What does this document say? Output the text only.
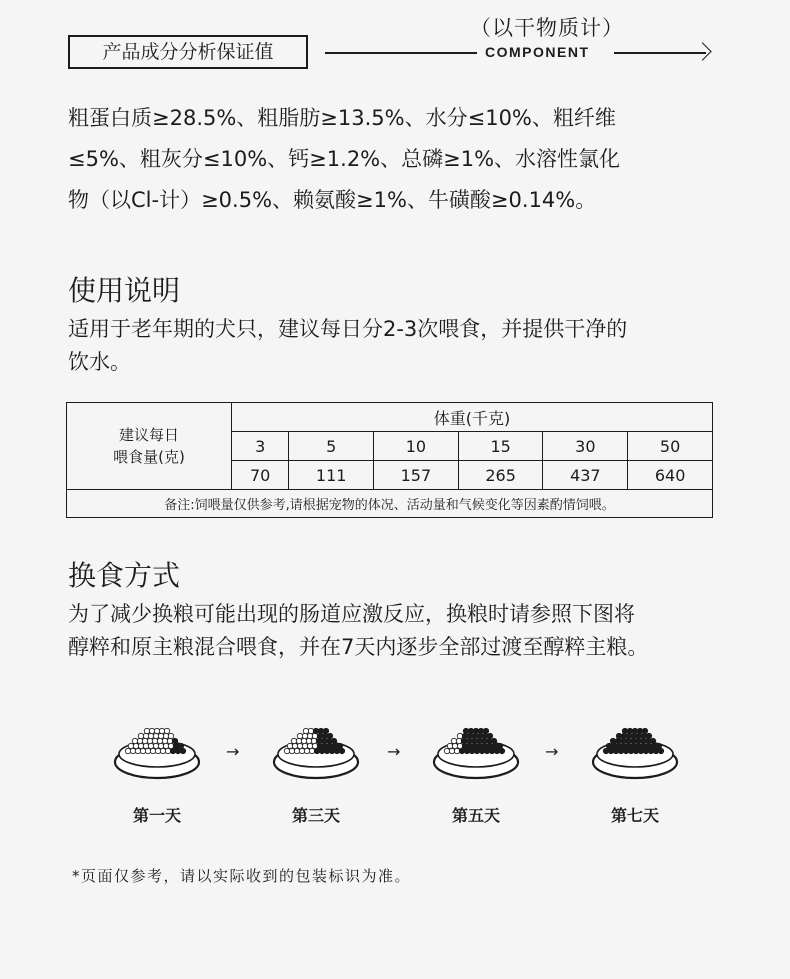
产品成分分析保证值
（以干物质计）
COMPONENT
粗蛋白质≥28.5%、粗脂肪≥13.5%、水分≤10%、粗纤维
≤5%、粗灰分≤10%、钙≥1.2%、总磷≥1%、水溶性氯化
物（以Cl-计）≥0.5%、赖氨酸≥1%、牛磺酸≥0.14%。
使用说明
适用于老年期的犬只，建议每日分2-3次喂食，并提供干净的
饮水。
建议每日
喂食量(克)	体重(千克)					
	3	5	10	15	30	50
	70	111	157	265	437	640
备注:饲喂量仅供参考,请根据宠物的体况、活动量和气候变化等因素酌情饲喂。						
换食方式
为了减少换粮可能出现的肠道应激反应，换粮时请参照下图将
醇粹和原主粮混合喂食，并在7天内逐步全部过渡至醇粹主粮。
→	→	→
第一天	第三天	第五天	第七天
*页面仅参考，请以实际收到的包装标识为准。
